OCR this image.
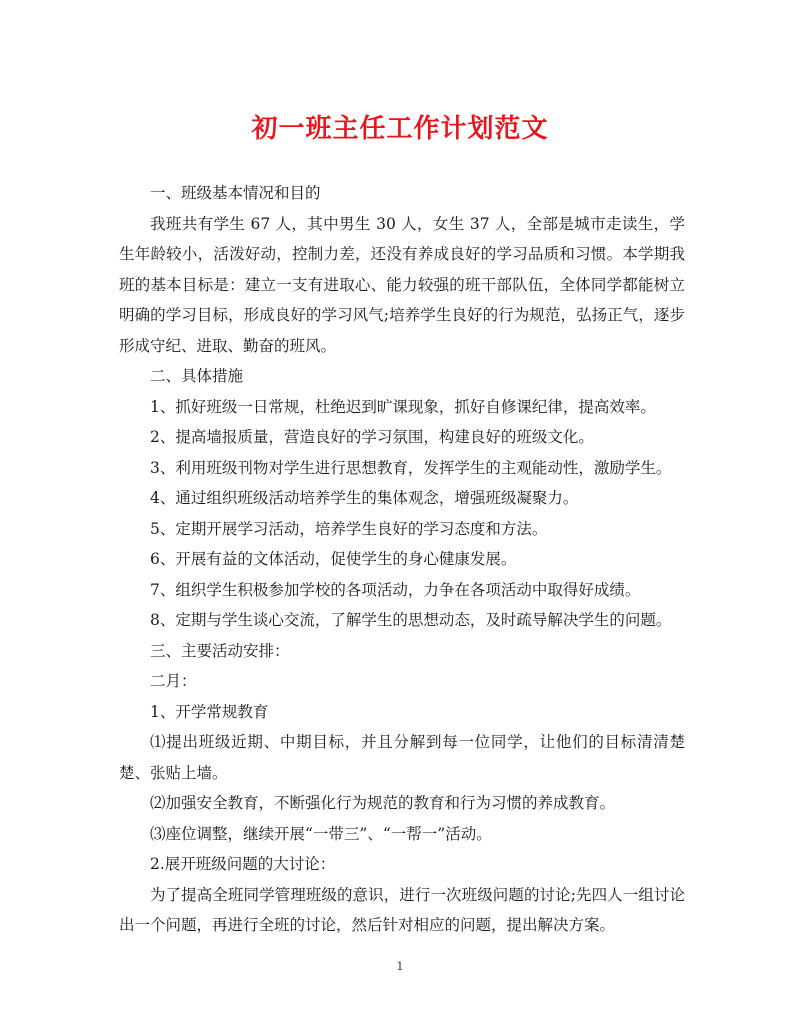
初一班主任工作计划范文

一、班级基本情况和目的

我班共有学生 67 人，其中男生 30 人，女生 37 人，全部是城市走读生，学生年龄较小，活泼好动，控制力差，还没有养成良好的学习品质和习惯。本学期我班的基本目标是：建立一支有进取心、能力较强的班干部队伍，全体同学都能树立明确的学习目标，形成良好的学习风气;培养学生良好的行为规范，弘扬正气，逐步形成守纪、进取、勤奋的班风。

二、具体措施

1、抓好班级一日常规，杜绝迟到旷课现象，抓好自修课纪律，提高效率。

2、提高墙报质量，营造良好的学习氛围，构建良好的班级文化。

3、利用班级刊物对学生进行思想教育，发挥学生的主观能动性，激励学生。

4、通过组织班级活动培养学生的集体观念，增强班级凝聚力。

5、定期开展学习活动，培养学生良好的学习态度和方法。

6、开展有益的文体活动，促使学生的身心健康发展。

7、组织学生积极参加学校的各项活动，力争在各项活动中取得好成绩。

8、定期与学生谈心交流，了解学生的思想动态，及时疏导解决学生的问题。

三、主要活动安排：

二月：

1、开学常规教育

⑴提出班级近期、中期目标，并且分解到每一位同学，让他们的目标清清楚楚、张贴上墙。

⑵加强安全教育，不断强化行为规范的教育和行为习惯的养成教育。

⑶座位调整，继续开展“一带三”、“一帮一”活动。

2.展开班级问题的大讨论：

为了提高全班同学管理班级的意识，进行一次班级问题的讨论;先四人一组讨论出一个问题，再进行全班的讨论，然后针对相应的问题，提出解决方案。

1
